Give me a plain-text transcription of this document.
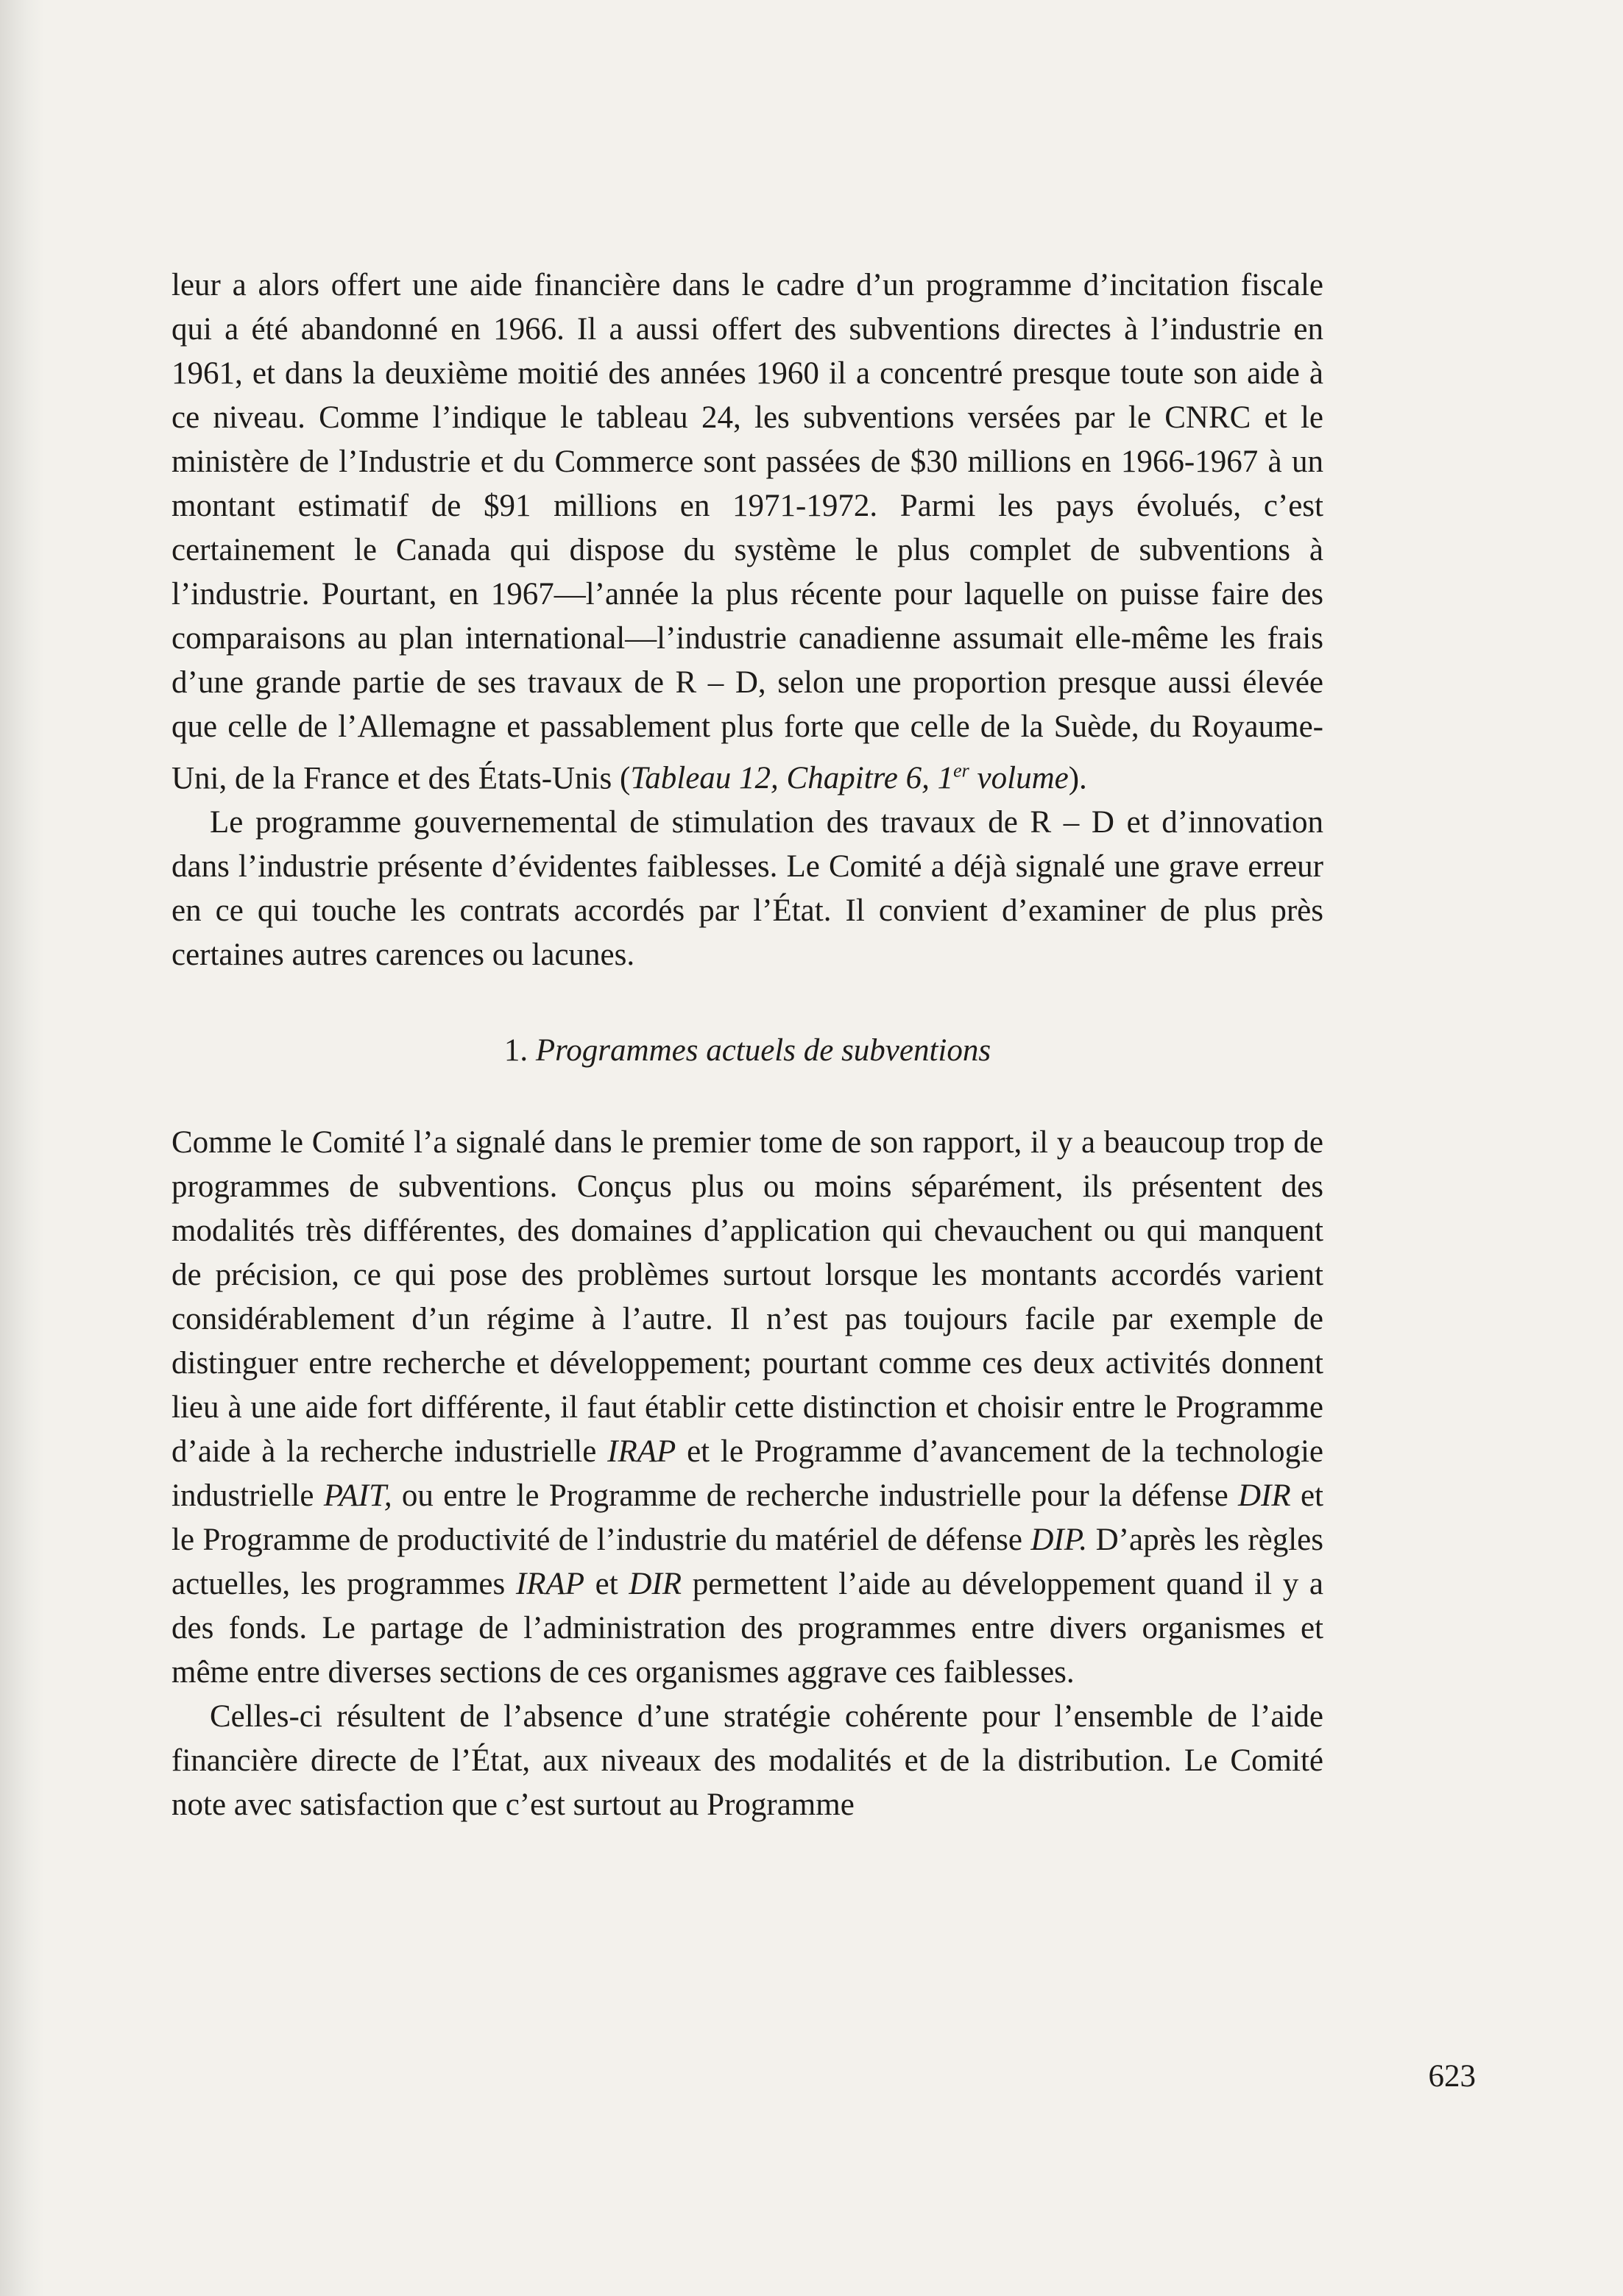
leur a alors offert une aide financière dans le cadre d’un programme d’incitation fiscale qui a été abandonné en 1966. Il a aussi offert des subventions directes à l’industrie en 1961, et dans la deuxième moitié des années 1960 il a concentré presque toute son aide à ce niveau. Comme l’indique le tableau 24, les subventions versées par le CNRC et le ministère de l’Industrie et du Commerce sont passées de $30 millions en 1966-1967 à un montant estimatif de $91 millions en 1971-1972. Parmi les pays évolués, c’est certainement le Canada qui dispose du système le plus complet de subventions à l’industrie. Pourtant, en 1967—l’année la plus récente pour laquelle on puisse faire des comparaisons au plan international—l’industrie canadienne assumait elle-même les frais d’une grande partie de ses travaux de R – D, selon une proportion presque aussi élevée que celle de l’Allemagne et passablement plus forte que celle de la Suède, du Royaume-Uni, de la France et des États-Unis (Tableau 12, Chapitre 6, 1er volume).

Le programme gouvernemental de stimulation des travaux de R – D et d’innovation dans l’industrie présente d’évidentes faiblesses. Le Comité a déjà signalé une grave erreur en ce qui touche les contrats accordés par l’État. Il convient d’examiner de plus près certaines autres carences ou lacunes.

1. Programmes actuels de subventions

Comme le Comité l’a signalé dans le premier tome de son rapport, il y a beaucoup trop de programmes de subventions. Conçus plus ou moins séparément, ils présentent des modalités très différentes, des domaines d’application qui chevauchent ou qui manquent de précision, ce qui pose des problèmes surtout lorsque les montants accordés varient considérablement d’un régime à l’autre. Il n’est pas toujours facile par exemple de distinguer entre recherche et développement; pourtant comme ces deux activités donnent lieu à une aide fort différente, il faut établir cette distinction et choisir entre le Programme d’aide à la recherche industrielle IRAP et le Programme d’avancement de la technologie industrielle PAIT, ou entre le Programme de recherche industrielle pour la défense DIR et le Programme de productivité de l’industrie du matériel de défense DIP. D’après les règles actuelles, les programmes IRAP et DIR permettent l’aide au développement quand il y a des fonds. Le partage de l’administration des programmes entre divers organismes et même entre diverses sections de ces organismes aggrave ces faiblesses.

Celles-ci résultent de l’absence d’une stratégie cohérente pour l’ensemble de l’aide financière directe de l’État, aux niveaux des modalités et de la distribution. Le Comité note avec satisfaction que c’est surtout au Programme

623
